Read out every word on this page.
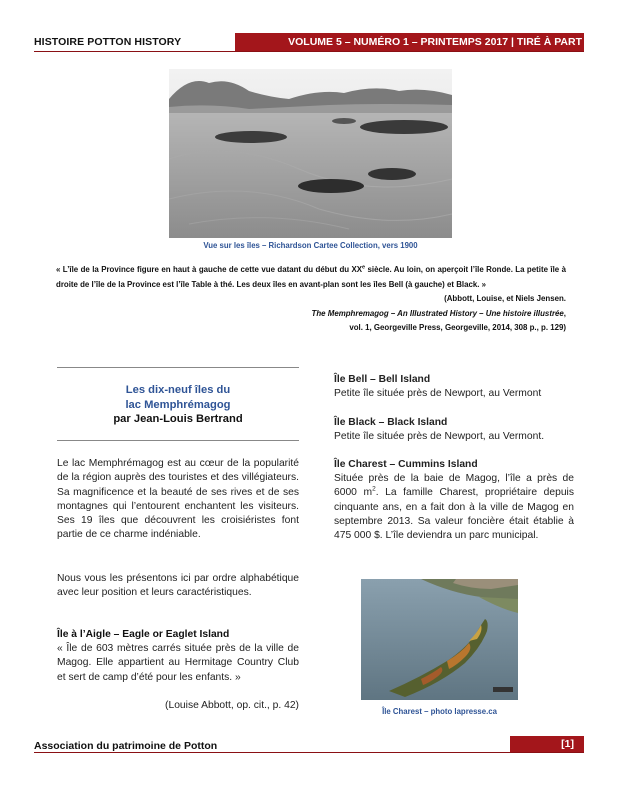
HISTOIRE POTTON HISTORY	VOLUME 5 – NUMÉRO 1 – PRINTEMPS 2017 | TIRÉ À PART
Vue sur les îles – Richardson Cartee Collection, vers 1900
« L’île de la Province figure en haut à gauche de cette vue datant du début du XXe siècle. Au loin, on aperçoit l’île Ronde. La petite île à droite de l’île de la Province est l’île Table à thé. Les deux îles en avant-plan sont les îles Bell (à gauche) et Black. »
(Abbott, Louise, et Niels Jensen.
The Memphremagog – An Illustrated History – Une histoire illustrée,
vol. 1, Georgeville Press, Georgeville, 2014, 308 p., p. 129)
Les dix-neuf îles du
lac Memphrémagog
par Jean-Louis Bertrand
Le lac Memphrémagog est au cœur de la popularité de la région auprès des touristes et des villégiateurs. Sa magnificence et la beauté de ses rives et de ses montagnes qui l’entourent enchantent les visiteurs. Ses 19 îles que découvrent les croisiéristes font partie de ce charme indéniable.
Nous vous les présentons ici par ordre alphabétique avec leur position et leurs caractéristiques.
Île à l’Aigle – Eagle or Eaglet Island
« Île de 603 mètres carrés située près de la ville de Magog. Elle appartient au Hermitage Country Club et sert de camp d’été pour les enfants. »
(Louise Abbott, op. cit., p. 42)
Île Bell – Bell Island
Petite île située près de Newport, au Vermont
Île Black – Black Island
Petite île située près de Newport, au Vermont.
Île Charest – Cummins Island
Située près de la baie de Magog, l’île a près de 6000 $m^2$. La famille Charest, propriétaire depuis cinquante ans, en a fait don à la ville de Magog en septembre 2013. Sa valeur foncière était établie à 475 000 $. L’île deviendra un parc municipal.
Île Charest – photo lapresse.ca
Association du patrimoine de Potton	[1]
